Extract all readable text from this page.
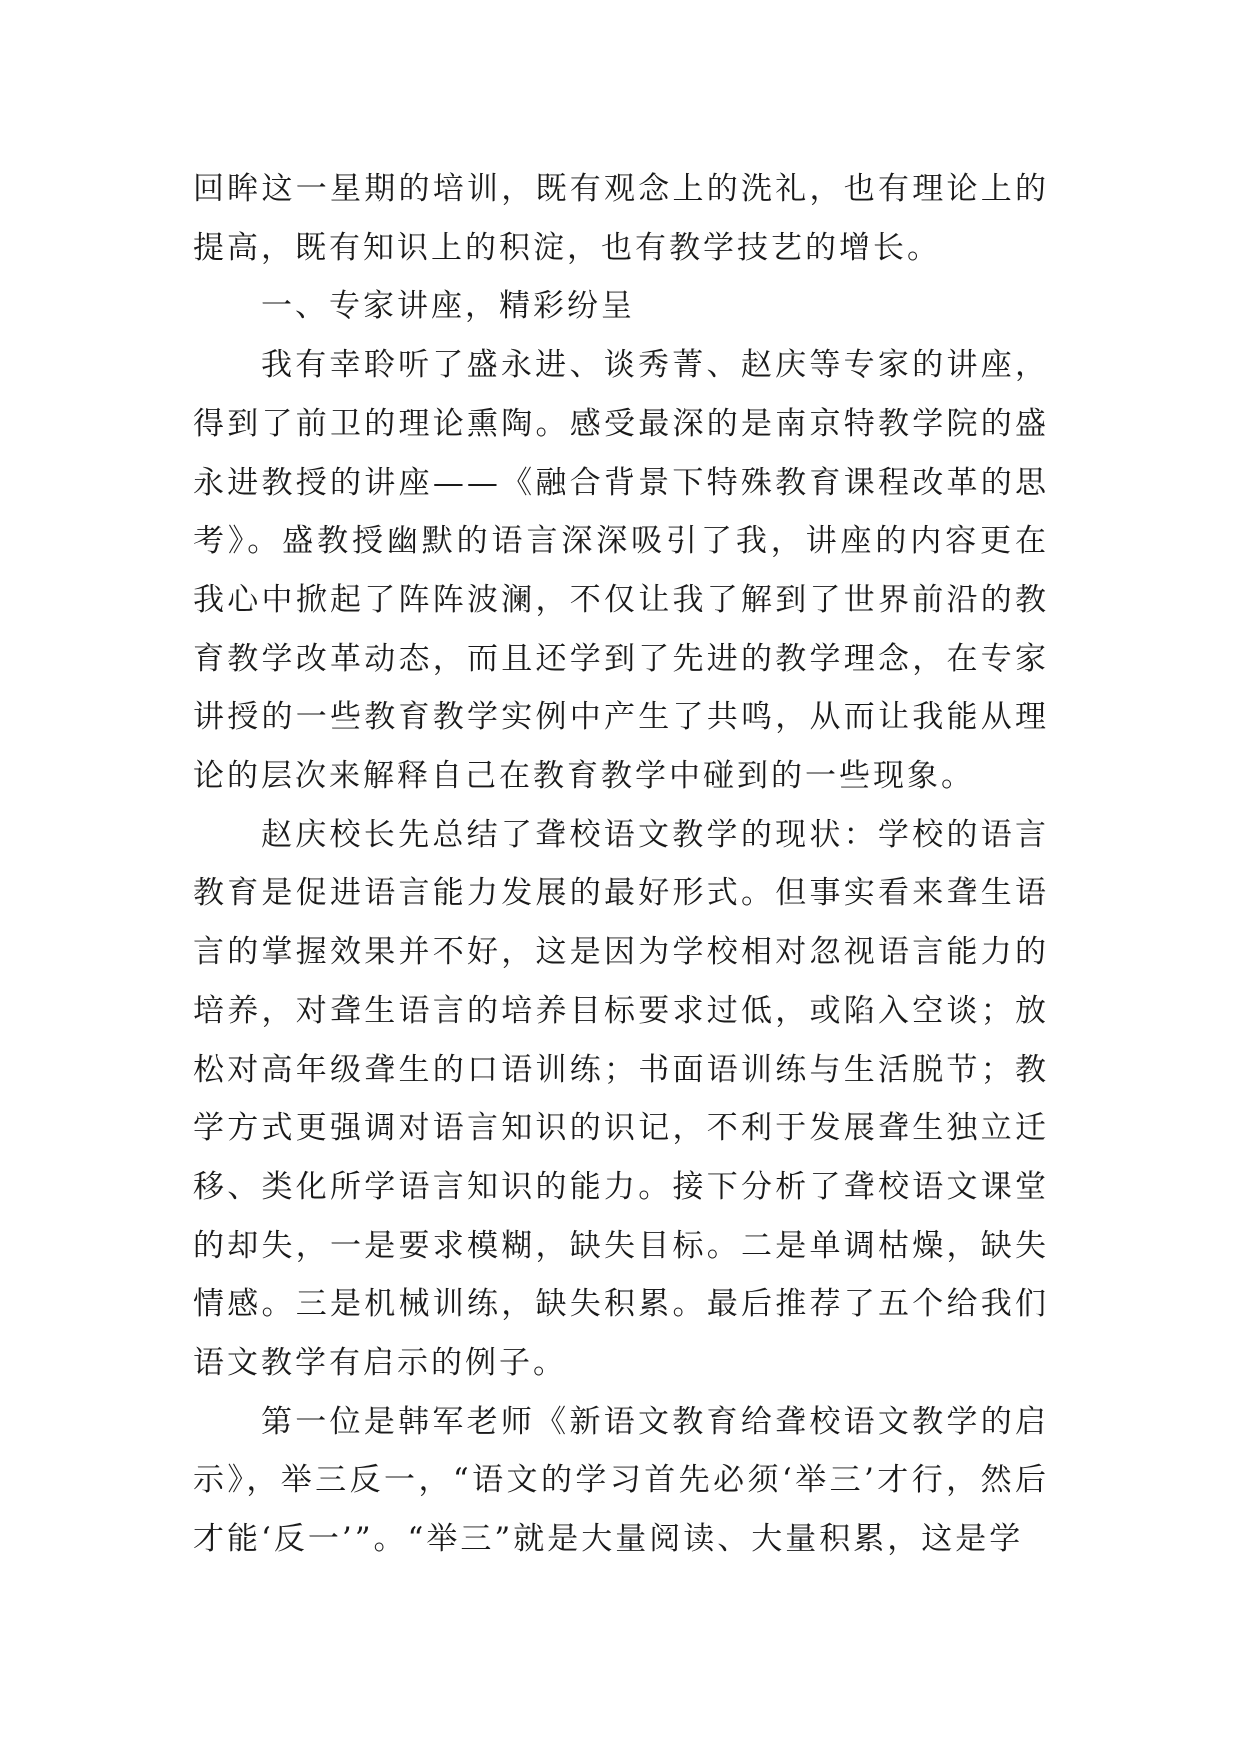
回眸这一星期的培训，既有观念上的洗礼，也有理论上的提高，既有知识上的积淀，也有教学技艺的增长。

一、专家讲座，精彩纷呈

我有幸聆听了盛永进、谈秀菁、赵庆等专家的讲座，得到了前卫的理论熏陶。感受最深的是南京特教学院的盛永进教授的讲座——《融合背景下特殊教育课程改革的思考》。盛教授幽默的语言深深吸引了我，讲座的内容更在我心中掀起了阵阵波澜，不仅让我了解到了世界前沿的教育教学改革动态，而且还学到了先进的教学理念，在专家讲授的一些教育教学实例中产生了共鸣，从而让我能从理论的层次来解释自己在教育教学中碰到的一些现象。

赵庆校长先总结了聋校语文教学的现状：学校的语言教育是促进语言能力发展的最好形式。但事实看来聋生语言的掌握效果并不好，这是因为学校相对忽视语言能力的培养，对聋生语言的培养目标要求过低，或陷入空谈；放松对高年级聋生的口语训练；书面语训练与生活脱节；教学方式更强调对语言知识的识记，不利于发展聋生独立迁移、类化所学语言知识的能力。接下分析了聋校语文课堂的却失，一是要求模糊，缺失目标。二是单调枯燥，缺失情感。三是机械训练，缺失积累。最后推荐了五个给我们语文教学有启示的例子。

第一位是韩军老师《新语文教育给聋校语文教学的启示》，举三反一，“语文的学习首先必须‘举三’才行，然后才能‘反一’”。“举三”就是大量阅读、大量积累，这是学
